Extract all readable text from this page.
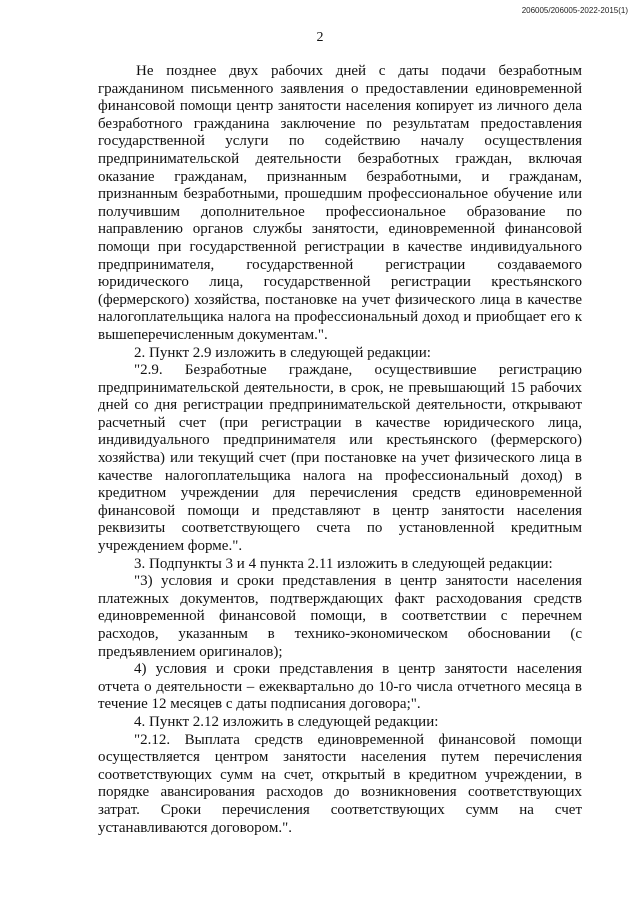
206005/206005-2022-2015(1)
2

Не позднее двух рабочих дней с даты подачи безработным гражданином письменного заявления о предоставлении единовременной финансовой помощи центр занятости населения копирует из личного дела безработного гражданина заключение по результатам предоставления государственной услуги по содействию началу осуществления предпринимательской деятельности безработных граждан, включая оказание гражданам, признанным безработными, и гражданам, признанным безработными, прошедшим профессиональное обучение или получившим дополнительное профессиональное образование по направлению органов службы занятости, единовременной финансовой помощи при государственной регистрации в качестве индивидуального предпринимателя, государственной регистрации создаваемого юридического лица, государственной регистрации крестьянского (фермерского) хозяйства, постановке на учет физического лица в качестве налогоплательщика налога на профессиональный доход и приобщает его к вышеперечисленным документам.".

2. Пункт 2.9 изложить в следующей редакции:

"2.9. Безработные граждане, осуществившие регистрацию предпринимательской деятельности, в срок, не превышающий 15 рабочих дней со дня регистрации предпринимательской деятельности, открывают расчетный счет (при регистрации в качестве юридического лица, индивидуального предпринимателя или крестьянского (фермерского) хозяйства) или текущий счет (при постановке на учет физического лица в качестве налогоплательщика налога на профессиональный доход) в кредитном учреждении для перечисления средств единовременной финансовой помощи и представляют в центр занятости населения реквизиты соответствующего счета по установленной кредитным учреждением форме.".

3. Подпункты 3 и 4 пункта 2.11 изложить в следующей редакции:

"3) условия и сроки представления в центр занятости населения платежных документов, подтверждающих факт расходования средств единовременной финансовой помощи, в соответствии с перечнем расходов, указанным в технико-экономическом обосновании (с предъявлением оригиналов);

4) условия и сроки представления в центр занятости населения отчета о деятельности – ежеквартально до 10-го числа отчетного месяца в течение 12 месяцев с даты подписания договора;".

4. Пункт 2.12 изложить в следующей редакции:

"2.12. Выплата средств единовременной финансовой помощи осуществляется центром занятости населения путем перечисления соответствующих сумм на счет, открытый в кредитном учреждении, в порядке авансирования расходов до возникновения соответствующих затрат. Сроки перечисления соответствующих сумм на счет устанавливаются договором.".
